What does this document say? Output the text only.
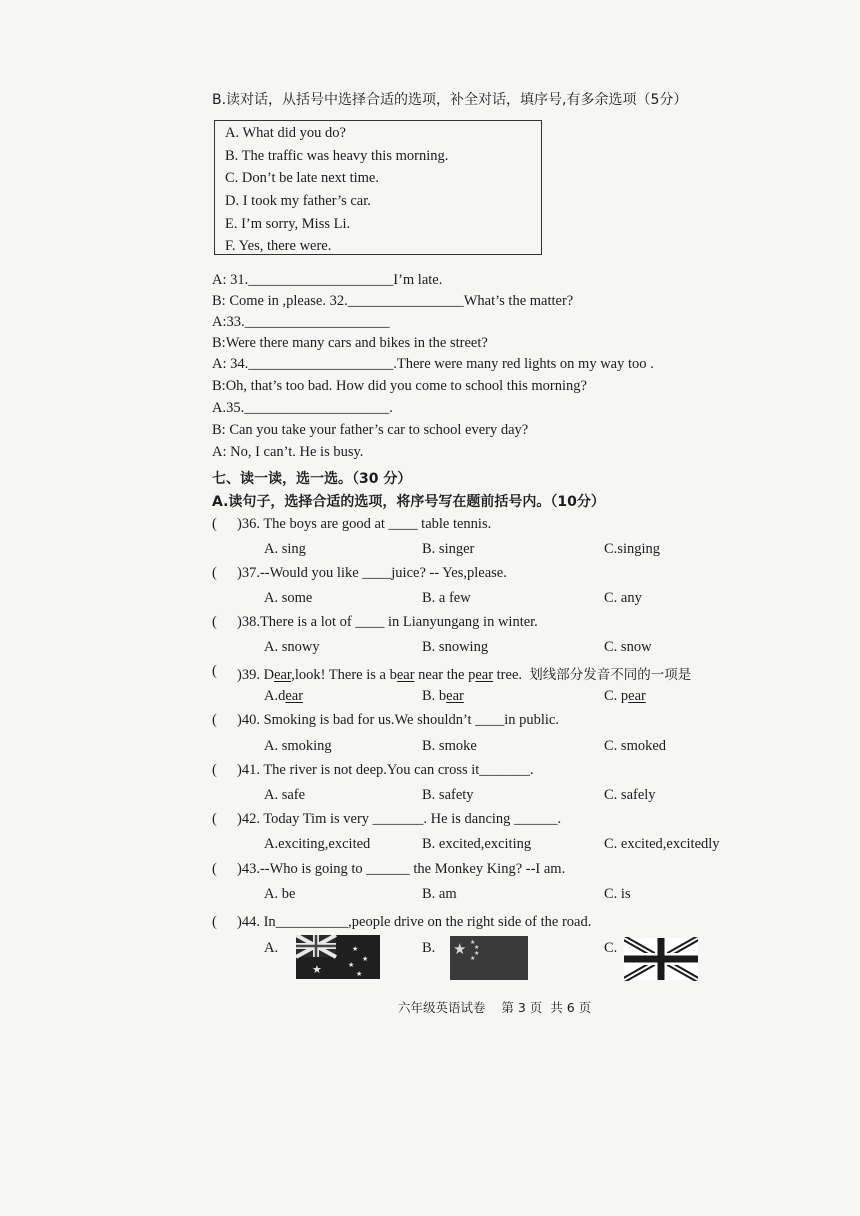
B.读对话，从括号中选择合适的选项，补全对话，填序号,有多余选项（5分）
A. What did you do?
B. The traffic was heavy this morning.
C. Don’t be late next time.
D. I took my father’s car.
E. I’m sorry, Miss Li.
F. Yes, there were.
A: 31.____________________I’m late.
B: Come in ,please. 32.________________What’s the matter?
A:33.____________________
B:Were there many cars and bikes in the street?
A: 34.____________________.There were many red lights on my way too .
B:Oh, that’s too bad. How did you come to school this morning?
A.35.____________________.
B: Can you take your father’s car to school every day?
A: No, I can’t. He is busy.
七、读一读，选一选。（30 分）
A.读句子，选择合适的选项，将序号写在题前括号内。（10分）
( )36. The boys are good at ____ table tennis.
A. sing	B. singer	C.singing
( )37.--Would you like ____juice? -- Yes,please.
A. some	B. a few	C. any
( )38.There is a lot of ____ in Lianyungang in winter.
A. snowy	B. snowing	C. snow
( )39. Dear,look! There is a bear near the pear tree. 划线部分发音不同的一项是
A.dear	B. bear	C. pear
( )40. Smoking is bad for us.We shouldn’t ____in public.
A. smoking	B. smoke	C. smoked
( )41. The river is not deep.You can cross it_______.
A. safe	B. safety	C. safely
( )42. Today Tim is very _______. He is dancing ______.
A.exciting,excited	B. excited,exciting	C. excited,excitedly
( )43.--Who is going to ______ the Monkey King? --I am.
A. be	B. am	C. is
( )44. In__________,people drive on the right side of the road.
A.	B.	C.
★
★
★
★
★
★ ★
★
★
★
六年级英语试卷    第 3 页  共 6 页
